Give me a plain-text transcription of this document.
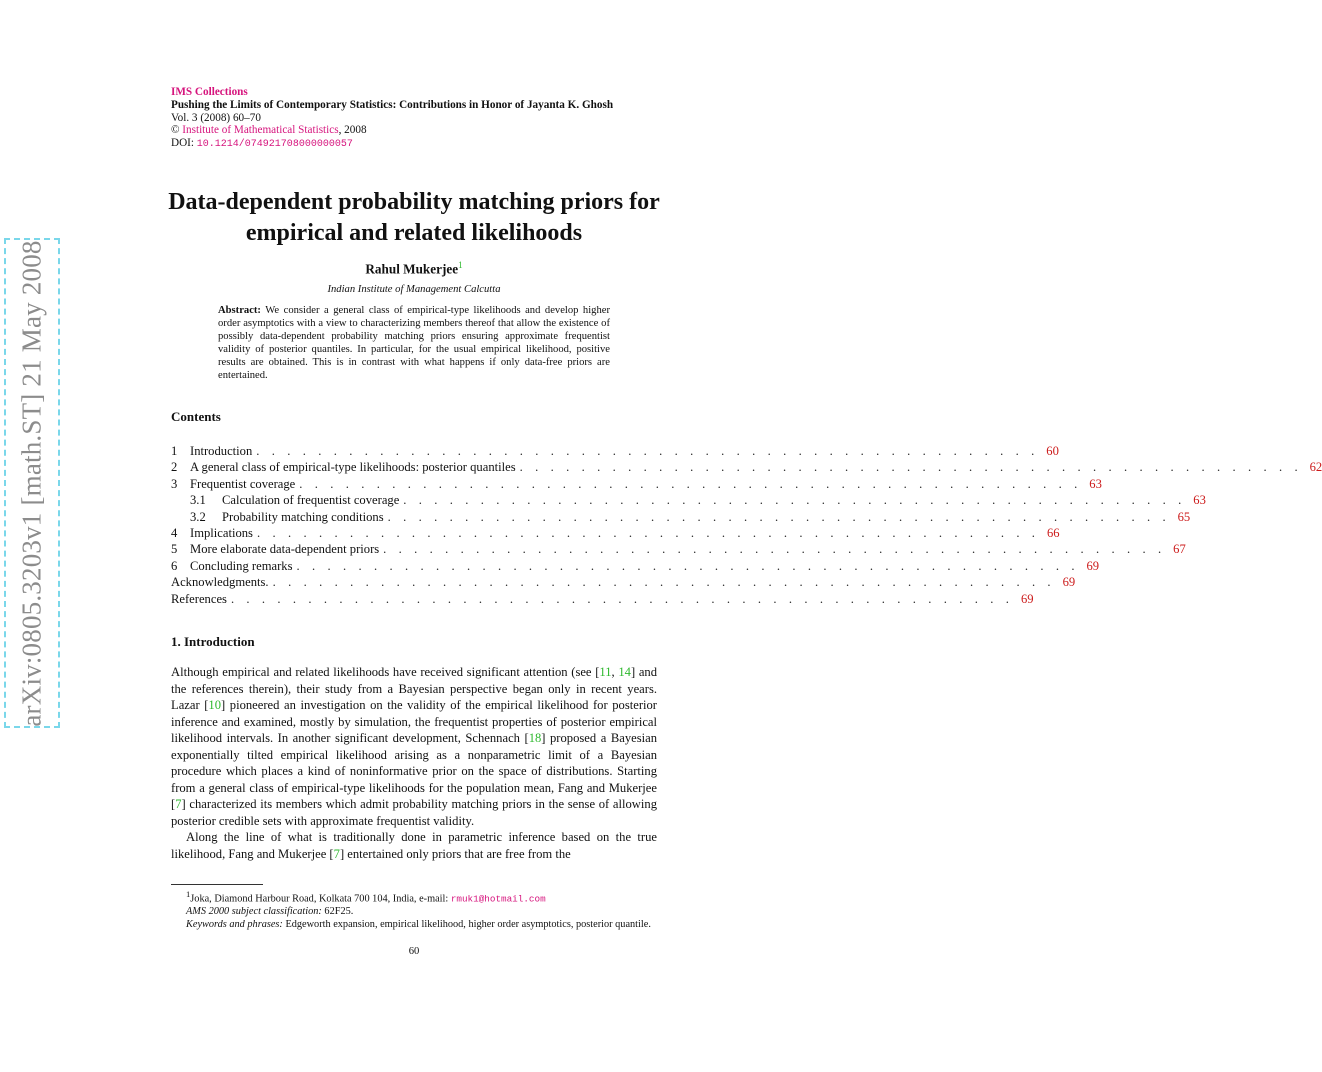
arXiv:0805.3203v1 [math.ST] 21 May 2008
IMS Collections
Pushing the Limits of Contemporary Statistics: Contributions in Honor of Jayanta K. Ghosh
Vol. 3 (2008) 60–70
© Institute of Mathematical Statistics, 2008
DOI: 10.1214/074921708000000057
Data-dependent probability matching priors for empirical and related likelihoods
Rahul Mukerjee$^1$
Indian Institute of Management Calcutta
Abstract: We consider a general class of empirical-type likelihoods and develop higher order asymptotics with a view to characterizing members thereof that allow the existence of possibly data-dependent probability matching priors ensuring approximate frequentist validity of posterior quantiles. In particular, for the usual empirical likelihood, positive results are obtained. This is in contrast with what happens if only data-free priors are entertained.
Contents
1	Introduction . . . . . . . . . . . . . . . . . . . . . . . . . . . . . . . . . . . . . . . . . . . . . . . . . . . 60
2	A general class of empirical-type likelihoods: posterior quantiles . . . . . . . . . . . . . . . . . . . . . . . . . . . . . . . . . . . . . . . . . . . . . . . . . . . 62
3	Frequentist coverage . . . . . . . . . . . . . . . . . . . . . . . . . . . . . . . . . . . . . . . . . . . . . . . . . . . 63
3.1	Calculation of frequentist coverage . . . . . . . . . . . . . . . . . . . . . . . . . . . . . . . . . . . . . . . . . . . . . . . . . . . 63
3.2	Probability matching conditions . . . . . . . . . . . . . . . . . . . . . . . . . . . . . . . . . . . . . . . . . . . . . . . . . . . 65
4	Implications . . . . . . . . . . . . . . . . . . . . . . . . . . . . . . . . . . . . . . . . . . . . . . . . . . . 66
5	More elaborate data-dependent priors . . . . . . . . . . . . . . . . . . . . . . . . . . . . . . . . . . . . . . . . . . . . . . . . . . . 67
6	Concluding remarks . . . . . . . . . . . . . . . . . . . . . . . . . . . . . . . . . . . . . . . . . . . . . . . . . . . 69
Acknowledgments. . . . . . . . . . . . . . . . . . . . . . . . . . . . . . . . . . . . . . . . . . . . . . . . . . . . 69
References . . . . . . . . . . . . . . . . . . . . . . . . . . . . . . . . . . . . . . . . . . . . . . . . . . . 69
1. Introduction

Although empirical and related likelihoods have received significant attention (see [11, 14] and the references therein), their study from a Bayesian perspective began only in recent years. Lazar [10] pioneered an investigation on the validity of the empirical likelihood for posterior inference and examined, mostly by simulation, the frequentist properties of posterior empirical likelihood intervals. In another significant development, Schennach [18] proposed a Bayesian exponentially tilted empirical likelihood arising as a nonparametric limit of a Bayesian procedure which places a kind of noninformative prior on the space of distributions. Starting from a general class of empirical-type likelihoods for the population mean, Fang and Mukerjee [7] characterized its members which admit probability matching priors in the sense of allowing posterior credible sets with approximate frequentist validity.

Along the line of what is traditionally done in parametric inference based on the true likelihood, Fang and Mukerjee [7] entertained only priors that are free from the

$^1$Joka, Diamond Harbour Road, Kolkata 700 104, India, e-mail: rmuk1@hotmail.com

AMS 2000 subject classification: 62F25.

Keywords and phrases: Edgeworth expansion, empirical likelihood, higher order asymptotics, posterior quantile.

60
